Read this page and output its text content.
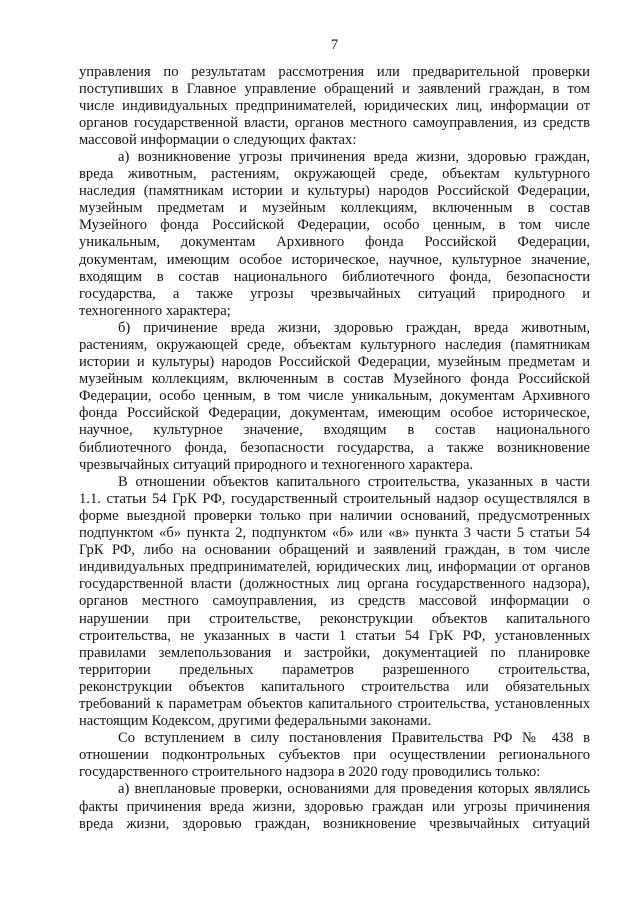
7
управления по результатам рассмотрения или предварительной проверки
поступивших в Главное управление обращений и заявлений граждан, в том
числе индивидуальных предпринимателей, юридических лиц, информации от
органов государственной власти, органов местного самоуправления, из средств
массовой информации о следующих фактах:
а) возникновение угрозы причинения вреда жизни, здоровью граждан,
вреда животным, растениям, окружающей среде, объектам культурного
наследия (памятникам истории и культуры) народов Российской Федерации,
музейным предметам и музейным коллекциям, включенным в состав
Музейного фонда Российской Федерации, особо ценным, в том числе
уникальным, документам Архивного фонда Российской Федерации,
документам, имеющим особое историческое, научное, культурное значение,
входящим в состав национального библиотечного фонда, безопасности
государства, а также угрозы чрезвычайных ситуаций природного и
техногенного характера;
б) причинение вреда жизни, здоровью граждан, вреда животным,
растениям, окружающей среде, объектам культурного наследия (памятникам
истории и культуры) народов Российской Федерации, музейным предметам и
музейным коллекциям, включенным в состав Музейного фонда Российской
Федерации, особо ценным, в том числе уникальным, документам Архивного
фонда Российской Федерации, документам, имеющим особое историческое,
научное, культурное значение, входящим в состав национального
библиотечного фонда, безопасности государства, а также возникновение
чрезвычайных ситуаций природного и техногенного характера.
В отношении объектов капитального строительства, указанных в части
1.1. статьи 54 ГрК РФ, государственный строительный надзор осуществлялся в
форме выездной проверки только при наличии оснований, предусмотренных
подпунктом «б» пункта 2, подпунктом «б» или «в» пункта 3 части 5 статьи 54
ГрК РФ, либо на основании обращений и заявлений граждан, в том числе
индивидуальных предпринимателей, юридических лиц, информации от органов
государственной власти (должностных лиц органа государственного надзора),
органов местного самоуправления, из средств массовой информации о
нарушении при строительстве, реконструкции объектов капитального
строительства, не указанных в части 1 статьи 54 ГрК РФ, установленных
правилами землепользования и застройки, документацией по планировке
территории предельных параметров разрешенного строительства,
реконструкции объектов капитального строительства или обязательных
требований к параметрам объектов капитального строительства, установленных
настоящим Кодексом, другими федеральными законами.
Со вступлением в силу постановления Правительства РФ № 438 в
отношении подконтрольных субъектов при осуществлении регионального
государственного строительного надзора в 2020 году проводились только:
а) внеплановые проверки, основаниями для проведения которых являлись
факты причинения вреда жизни, здоровью граждан или угрозы причинения
вреда жизни, здоровью граждан, возникновение чрезвычайных ситуаций
